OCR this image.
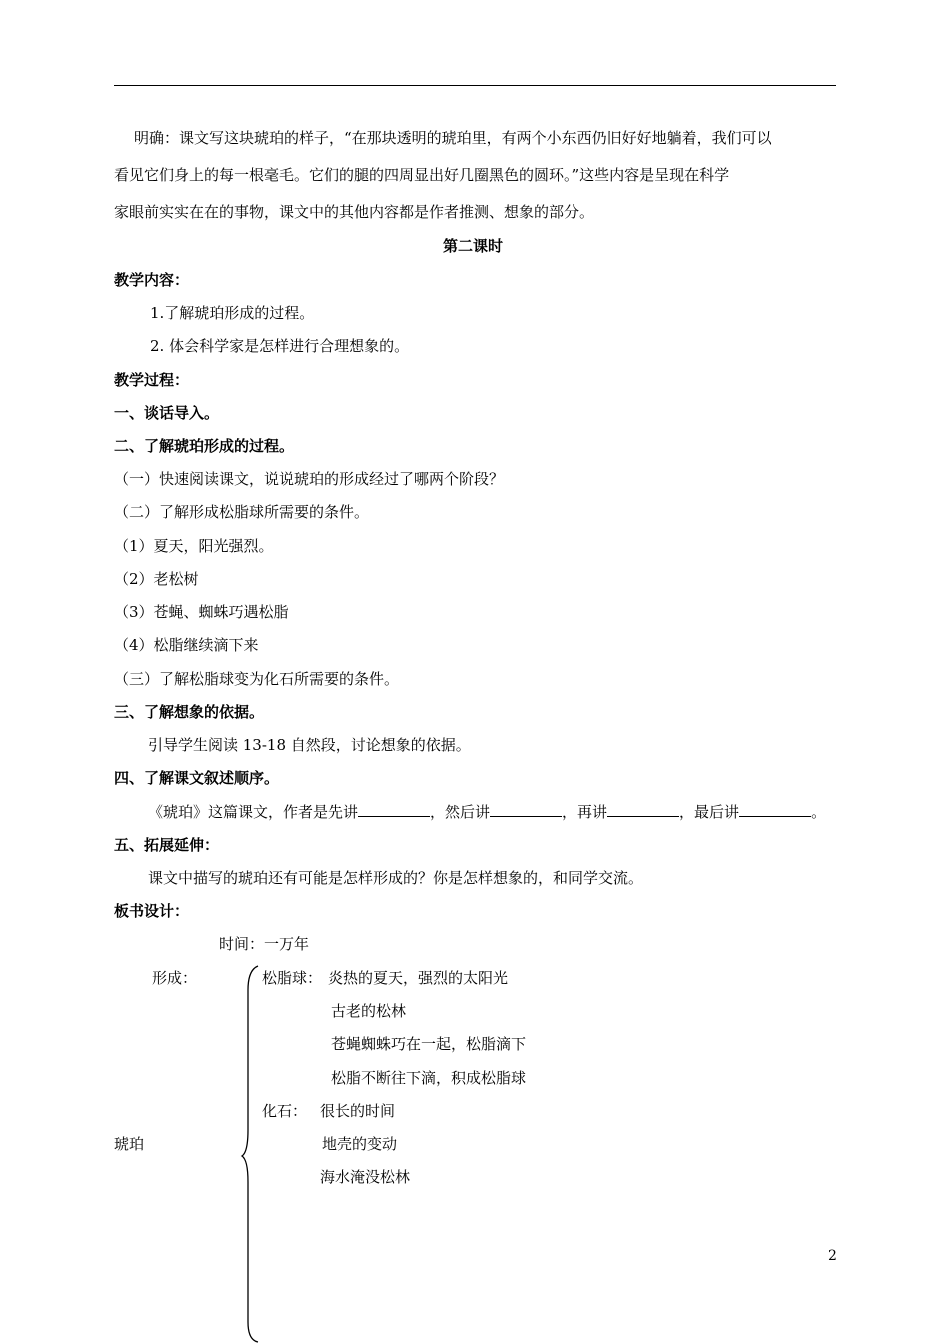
明确：课文写这块琥珀的样子，“在那块透明的琥珀里，有两个小东西仍旧好好地躺着，我们可以
看见它们身上的每一根毫毛。它们的腿的四周显出好几圈黑色的圆环。”这些内容是呈现在科学
家眼前实实在在的事物，课文中的其他内容都是作者推测、想象的部分。
第二课时
教学内容：
1.了解琥珀形成的过程。
2. 体会科学家是怎样进行合理想象的。
教学过程：
一、谈话导入。
二、了解琥珀形成的过程。
（一）快速阅读课文，说说琥珀的形成经过了哪两个阶段？
（二）了解形成松脂球所需要的条件。
（1）夏天，阳光强烈。
（2）老松树
（3）苍蝇、蜘蛛巧遇松脂
（4）松脂继续滴下来
（三）了解松脂球变为化石所需要的条件。
三、了解想象的依据。
引导学生阅读 13-18 自然段，讨论想象的依据。
四、了解课文叙述顺序。
《琥珀》这篇课文，作者是先讲	，然后讲	，再讲	，最后讲	。
五、拓展延伸：
课文中描写的琥珀还有可能是怎样形成的？你是怎样想象的，和同学交流。
板书设计：
时间：一万年
形成：
琥珀
松脂球： 炎热的夏天，强烈的太阳光
古老的松林
苍蝇蜘蛛巧在一起，松脂滴下
松脂不断往下滴，积成松脂球
化石： 很长的时间
地壳的变动
海水淹没松林
2
